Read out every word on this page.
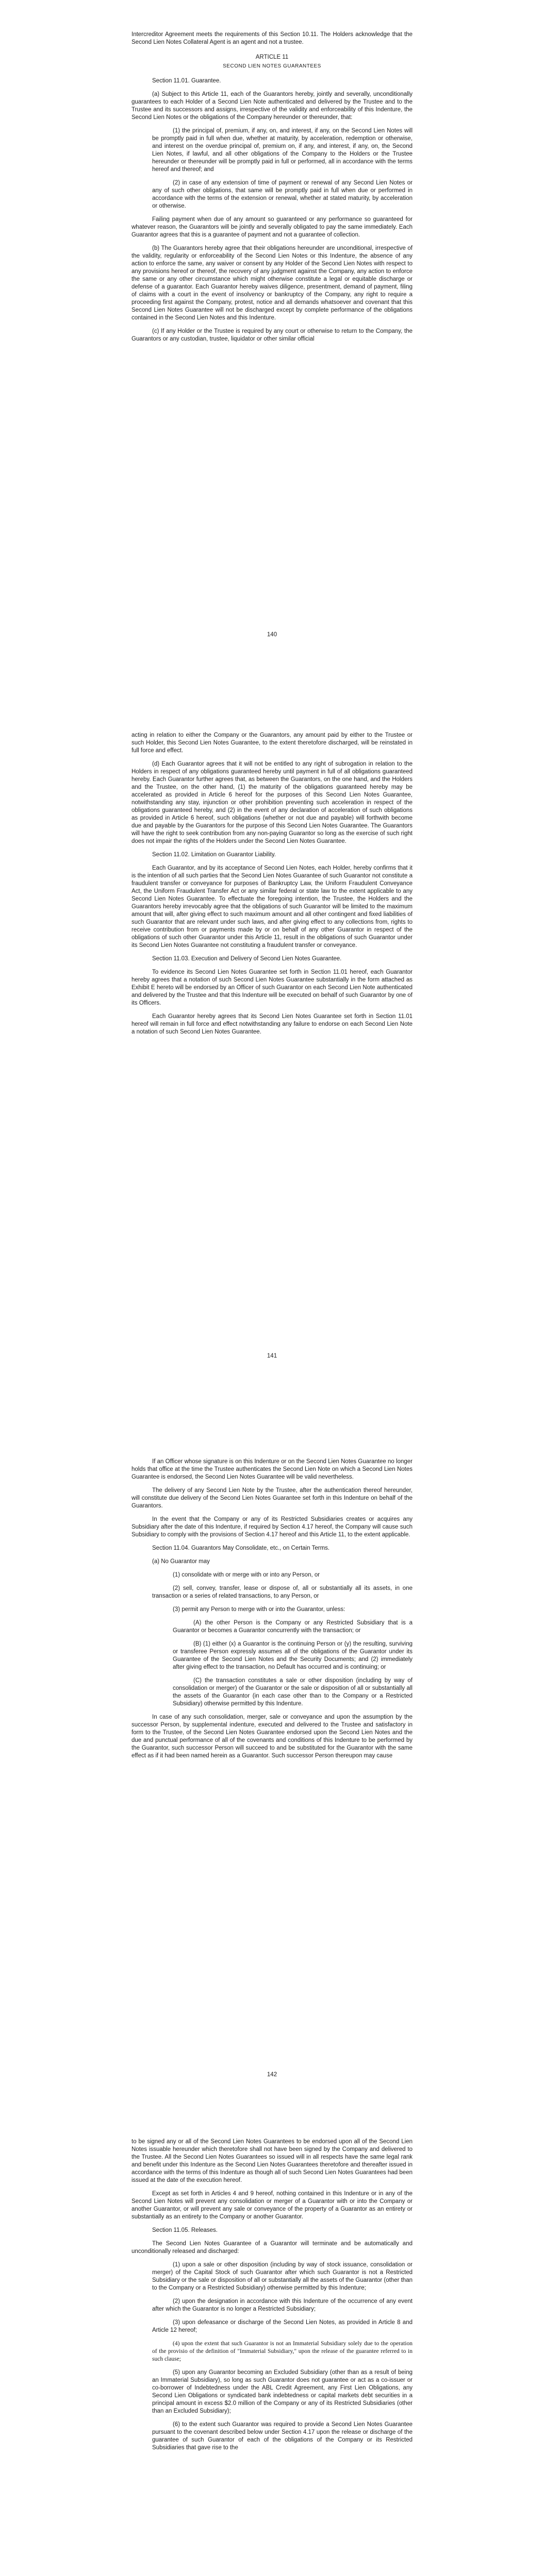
Intercreditor Agreement meets the requirements of this Section 10.11. The Holders acknowledge that the Second Lien Notes Collateral Agent is an agent and not a trustee.

ARTICLE 11

SECOND LIEN NOTES GUARANTEES

Section 11.01. Guarantee.

(a) Subject to this Article 11, each of the Guarantors hereby, jointly and severally, unconditionally guarantees to each Holder of a Second Lien Note authenticated and delivered by the Trustee and to the Trustee and its successors and assigns, irrespective of the validity and enforceability of this Indenture, the Second Lien Notes or the obligations of the Company hereunder or thereunder, that:

(1) the principal of, premium, if any, on, and interest, if any, on the Second Lien Notes will be promptly paid in full when due, whether at maturity, by acceleration, redemption or otherwise, and interest on the overdue principal of, premium on, if any, and interest, if any, on, the Second Lien Notes, if lawful, and all other obligations of the Company to the Holders or the Trustee hereunder or thereunder will be promptly paid in full or performed, all in accordance with the terms hereof and thereof; and

(2) in case of any extension of time of payment or renewal of any Second Lien Notes or any of such other obligations, that same will be promptly paid in full when due or performed in accordance with the terms of the extension or renewal, whether at stated maturity, by acceleration or otherwise.

Failing payment when due of any amount so guaranteed or any performance so guaranteed for whatever reason, the Guarantors will be jointly and severally obligated to pay the same immediately. Each Guarantor agrees that this is a guarantee of payment and not a guarantee of collection.

(b) The Guarantors hereby agree that their obligations hereunder are unconditional, irrespective of the validity, regularity or enforceability of the Second Lien Notes or this Indenture, the absence of any action to enforce the same, any waiver or consent by any Holder of the Second Lien Notes with respect to any provisions hereof or thereof, the recovery of any judgment against the Company, any action to enforce the same or any other circumstance which might otherwise constitute a legal or equitable discharge or defense of a guarantor. Each Guarantor hereby waives diligence, presentment, demand of payment, filing of claims with a court in the event of insolvency or bankruptcy of the Company, any right to require a proceeding first against the Company, protest, notice and all demands whatsoever and covenant that this Second Lien Notes Guarantee will not be discharged except by complete performance of the obligations contained in the Second Lien Notes and this Indenture.

(c) If any Holder or the Trustee is required by any court or otherwise to return to the Company, the Guarantors or any custodian, trustee, liquidator or other similar official

140

acting in relation to either the Company or the Guarantors, any amount paid by either to the Trustee or such Holder, this Second Lien Notes Guarantee, to the extent theretofore discharged, will be reinstated in full force and effect.

(d) Each Guarantor agrees that it will not be entitled to any right of subrogation in relation to the Holders in respect of any obligations guaranteed hereby until payment in full of all obligations guaranteed hereby. Each Guarantor further agrees that, as between the Guarantors, on the one hand, and the Holders and the Trustee, on the other hand, (1) the maturity of the obligations guaranteed hereby may be accelerated as provided in Article 6 hereof for the purposes of this Second Lien Notes Guarantee, notwithstanding any stay, injunction or other prohibition preventing such acceleration in respect of the obligations guaranteed hereby, and (2) in the event of any declaration of acceleration of such obligations as provided in Article 6 hereof, such obligations (whether or not due and payable) will forthwith become due and payable by the Guarantors for the purpose of this Second Lien Notes Guarantee. The Guarantors will have the right to seek contribution from any non-paying Guarantor so long as the exercise of such right does not impair the rights of the Holders under the Second Lien Notes Guarantee.

Section 11.02. Limitation on Guarantor Liability.

Each Guarantor, and by its acceptance of Second Lien Notes, each Holder, hereby confirms that it is the intention of all such parties that the Second Lien Notes Guarantee of such Guarantor not constitute a fraudulent transfer or conveyance for purposes of Bankruptcy Law, the Uniform Fraudulent Conveyance Act, the Uniform Fraudulent Transfer Act or any similar federal or state law to the extent applicable to any Second Lien Notes Guarantee. To effectuate the foregoing intention, the Trustee, the Holders and the Guarantors hereby irrevocably agree that the obligations of such Guarantor will be limited to the maximum amount that will, after giving effect to such maximum amount and all other contingent and fixed liabilities of such Guarantor that are relevant under such laws, and after giving effect to any collections from, rights to receive contribution from or payments made by or on behalf of any other Guarantor in respect of the obligations of such other Guarantor under this Article 11, result in the obligations of such Guarantor under its Second Lien Notes Guarantee not constituting a fraudulent transfer or conveyance.

Section 11.03. Execution and Delivery of Second Lien Notes Guarantee.

To evidence its Second Lien Notes Guarantee set forth in Section 11.01 hereof, each Guarantor hereby agrees that a notation of such Second Lien Notes Guarantee substantially in the form attached as Exhibit E hereto will be endorsed by an Officer of such Guarantor on each Second Lien Note authenticated and delivered by the Trustee and that this Indenture will be executed on behalf of such Guarantor by one of its Officers.

Each Guarantor hereby agrees that its Second Lien Notes Guarantee set forth in Section 11.01 hereof will remain in full force and effect notwithstanding any failure to endorse on each Second Lien Note a notation of such Second Lien Notes Guarantee.

141

If an Officer whose signature is on this Indenture or on the Second Lien Notes Guarantee no longer holds that office at the time the Trustee authenticates the Second Lien Note on which a Second Lien Notes Guarantee is endorsed, the Second Lien Notes Guarantee will be valid nevertheless.

The delivery of any Second Lien Note by the Trustee, after the authentication thereof hereunder, will constitute due delivery of the Second Lien Notes Guarantee set forth in this Indenture on behalf of the Guarantors.

In the event that the Company or any of its Restricted Subsidiaries creates or acquires any Subsidiary after the date of this Indenture, if required by Section 4.17 hereof, the Company will cause such Subsidiary to comply with the provisions of Section 4.17 hereof and this Article 11, to the extent applicable.

Section 11.04. Guarantors May Consolidate, etc., on Certain Terms.

(a) No Guarantor may

(1) consolidate with or merge with or into any Person, or

(2) sell, convey, transfer, lease or dispose of, all or substantially all its assets, in one transaction or a series of related transactions, to any Person, or

(3) permit any Person to merge with or into the Guarantor, unless:

(A) the other Person is the Company or any Restricted Subsidiary that is a Guarantor or becomes a Guarantor concurrently with the transaction; or

(B) (1) either (x) a Guarantor is the continuing Person or (y) the resulting, surviving or transferee Person expressly assumes all of the obligations of the Guarantor under its Guarantee of the Second Lien Notes and the Security Documents; and (2) immediately after giving effect to the transaction, no Default has occurred and is continuing; or

(C) the transaction constitutes a sale or other disposition (including by way of consolidation or merger) of the Guarantor or the sale or disposition of all or substantially all the assets of the Guarantor (in each case other than to the Company or a Restricted Subsidiary) otherwise permitted by this Indenture.

In case of any such consolidation, merger, sale or conveyance and upon the assumption by the successor Person, by supplemental indenture, executed and delivered to the Trustee and satisfactory in form to the Trustee, of the Second Lien Notes Guarantee endorsed upon the Second Lien Notes and the due and punctual performance of all of the covenants and conditions of this Indenture to be performed by the Guarantor, such successor Person will succeed to and be substituted for the Guarantor with the same effect as if it had been named herein as a Guarantor. Such successor Person thereupon may cause

142

to be signed any or all of the Second Lien Notes Guarantees to be endorsed upon all of the Second Lien Notes issuable hereunder which theretofore shall not have been signed by the Company and delivered to the Trustee. All the Second Lien Notes Guarantees so issued will in all respects have the same legal rank and benefit under this Indenture as the Second Lien Notes Guarantees theretofore and thereafter issued in accordance with the terms of this Indenture as though all of such Second Lien Notes Guarantees had been issued at the date of the execution hereof.

Except as set forth in Articles 4 and 9 hereof, nothing contained in this Indenture or in any of the Second Lien Notes will prevent any consolidation or merger of a Guarantor with or into the Company or another Guarantor, or will prevent any sale or conveyance of the property of a Guarantor as an entirety or substantially as an entirety to the Company or another Guarantor.

Section 11.05. Releases.

The Second Lien Notes Guarantee of a Guarantor will terminate and be automatically and unconditionally released and discharged:

(1) upon a sale or other disposition (including by way of stock issuance, consolidation or merger) of the Capital Stock of such Guarantor after which such Guarantor is not a Restricted Subsidiary or the sale or disposition of all or substantially all the assets of the Guarantor (other than to the Company or a Restricted Subsidiary) otherwise permitted by this Indenture;

(2) upon the designation in accordance with this Indenture of the occurrence of any event after which the Guarantor is no longer a Restricted Subsidiary;

(3) upon defeasance or discharge of the Second Lien Notes, as provided in Article 8 and Article 12 hereof;

(4) upon the extent that such Guarantor is not an Immaterial Subsidiary solely due to the operation of the provisio of the definition of "Immaterial Subsidiary," upon the release of the guarantee referred to in such clause;

(5) upon any Guarantor becoming an Excluded Subsidiary (other than as a result of being an Immaterial Subsidiary), so long as such Guarantor does not guarantee or act as a co-issuer or co-borrower of Indebtedness under the ABL Credit Agreement, any First Lien Obligations, any Second Lien Obligations or syndicated bank indebtedness or capital markets debt securities in a principal amount in excess $2.0 million of the Company or any of its Restricted Subsidiaries (other than an Excluded Subsidiary);

(6) to the extent such Guarantor was required to provide a Second Lien Notes Guarantee pursuant to the covenant described below under Section 4.17 upon the release or discharge of the guarantee of such Guarantor of each of the obligations of the Company or its Restricted Subsidiaries that gave rise to the
